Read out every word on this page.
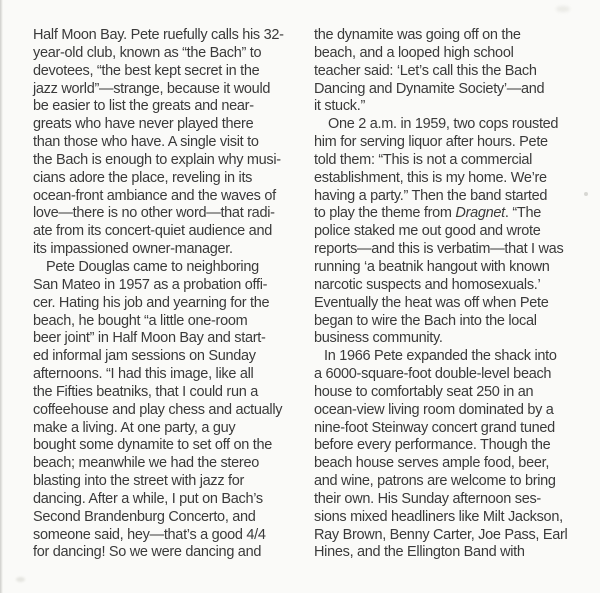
Half Moon Bay. Pete ruefully calls his 32-
year-old club, known as “the Bach” to
devotees, “the best kept secret in the
jazz world”—strange, because it would
be easier to list the greats and near-
greats who have never played there
than those who have. A single visit to
the Bach is enough to explain why musi-
cians adore the place, reveling in its
ocean-front ambiance and the waves of
love—there is no other word—that radi-
ate from its concert-quiet audience and
its impassioned owner-manager.
Pete Douglas came to neighboring
San Mateo in 1957 as a probation offi-
cer. Hating his job and yearning for the
beach, he bought “a little one-room
beer joint” in Half Moon Bay and start-
ed informal jam sessions on Sunday
afternoons. “I had this image, like all
the Fifties beatniks, that I could run a
coffeehouse and play chess and actually
make a living. At one party, a guy
bought some dynamite to set off on the
beach; meanwhile we had the stereo
blasting into the street with jazz for
dancing. After a while, I put on Bach’s
Second Brandenburg Concerto, and
someone said, hey—that’s a good 4/4
for dancing! So we were dancing and
the dynamite was going off on the
beach, and a looped high school
teacher said: ‘Let’s call this the Bach
Dancing and Dynamite Society’—and
it stuck.”
One 2 a.m. in 1959, two cops rousted
him for serving liquor after hours. Pete
told them: “This is not a commercial
establishment, this is my home. We’re
having a party.” Then the band started
to play the theme from Dragnet. “The
police staked me out good and wrote
reports—and this is verbatim—that I was
running ‘a beatnik hangout with known
narcotic suspects and homosexuals.’
Eventually the heat was off when Pete
began to wire the Bach into the local
business community.
In 1966 Pete expanded the shack into
a 6000-square-foot double-level beach
house to comfortably seat 250 in an
ocean-view living room dominated by a
nine-foot Steinway concert grand tuned
before every performance. Though the
beach house serves ample food, beer,
and wine, patrons are welcome to bring
their own. His Sunday afternoon ses-
sions mixed headliners like Milt Jackson,
Ray Brown, Benny Carter, Joe Pass, Earl
Hines, and the Ellington Band with
